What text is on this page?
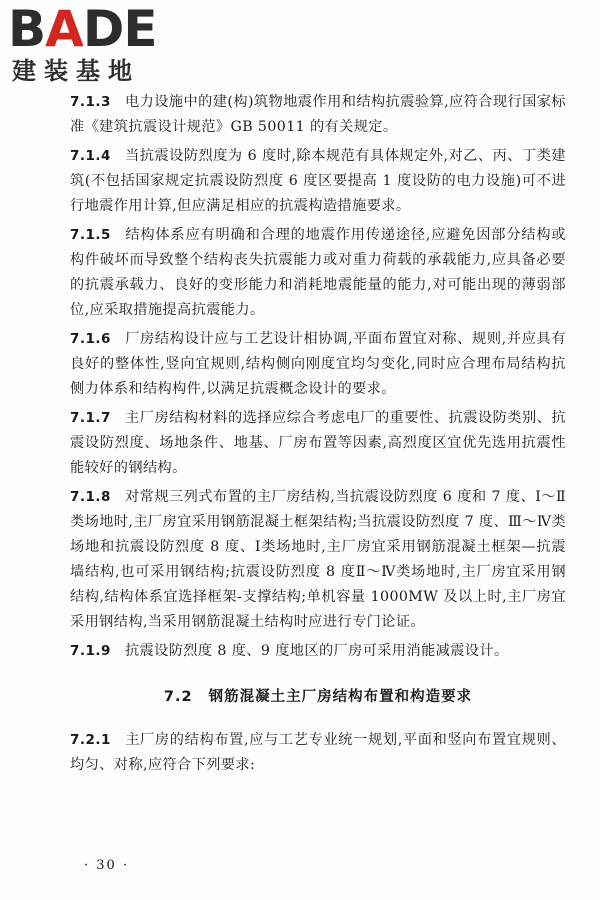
BADE
建装基地

7.1.3 电力设施中的建(构)筑物地震作用和结构抗震验算,应符合现行国家标准《建筑抗震设计规范》GB 50011 的有关规定。

7.1.4 当抗震设防烈度为 6 度时,除本规范有具体规定外,对乙、丙、丁类建筑(不包括国家规定抗震设防烈度 6 度区要提高 1 度设防的电力设施)可不进行地震作用计算,但应满足相应的抗震构造措施要求。

7.1.5 结构体系应有明确和合理的地震作用传递途径,应避免因部分结构或构件破坏而导致整个结构丧失抗震能力或对重力荷载的承载能力,应具备必要的抗震承载力、良好的变形能力和消耗地震能量的能力,对可能出现的薄弱部位,应采取措施提高抗震能力。

7.1.6 厂房结构设计应与工艺设计相协调,平面布置宜对称、规则,并应具有良好的整体性,竖向宜规则,结构侧向刚度宜均匀变化,同时应合理布局结构抗侧力体系和结构构件,以满足抗震概念设计的要求。

7.1.7 主厂房结构材料的选择应综合考虑电厂的重要性、抗震设防类别、抗震设防烈度、场地条件、地基、厂房布置等因素,高烈度区宜优先选用抗震性能较好的钢结构。

7.1.8 对常规三列式布置的主厂房结构,当抗震设防烈度 6 度和 7 度、Ⅰ～Ⅱ类场地时,主厂房宜采用钢筋混凝土框架结构;当抗震设防烈度 7 度、Ⅲ～Ⅳ类场地和抗震设防烈度 8 度、Ⅰ类场地时,主厂房宜采用钢筋混凝土框架—抗震墙结构,也可采用钢结构;抗震设防烈度 8 度Ⅱ～Ⅳ类场地时,主厂房宜采用钢结构,结构体系宜选择框架-支撑结构;单机容量 1000MW 及以上时,主厂房宜采用钢结构,当采用钢筋混凝土结构时应进行专门论证。

7.1.9 抗震设防烈度 8 度、9 度地区的厂房可采用消能减震设计。

7.2 钢筋混凝土主厂房结构布置和构造要求

7.2.1 主厂房的结构布置,应与工艺专业统一规划,平面和竖向布置宜规则、均匀、对称,应符合下列要求:

· 30 ·
